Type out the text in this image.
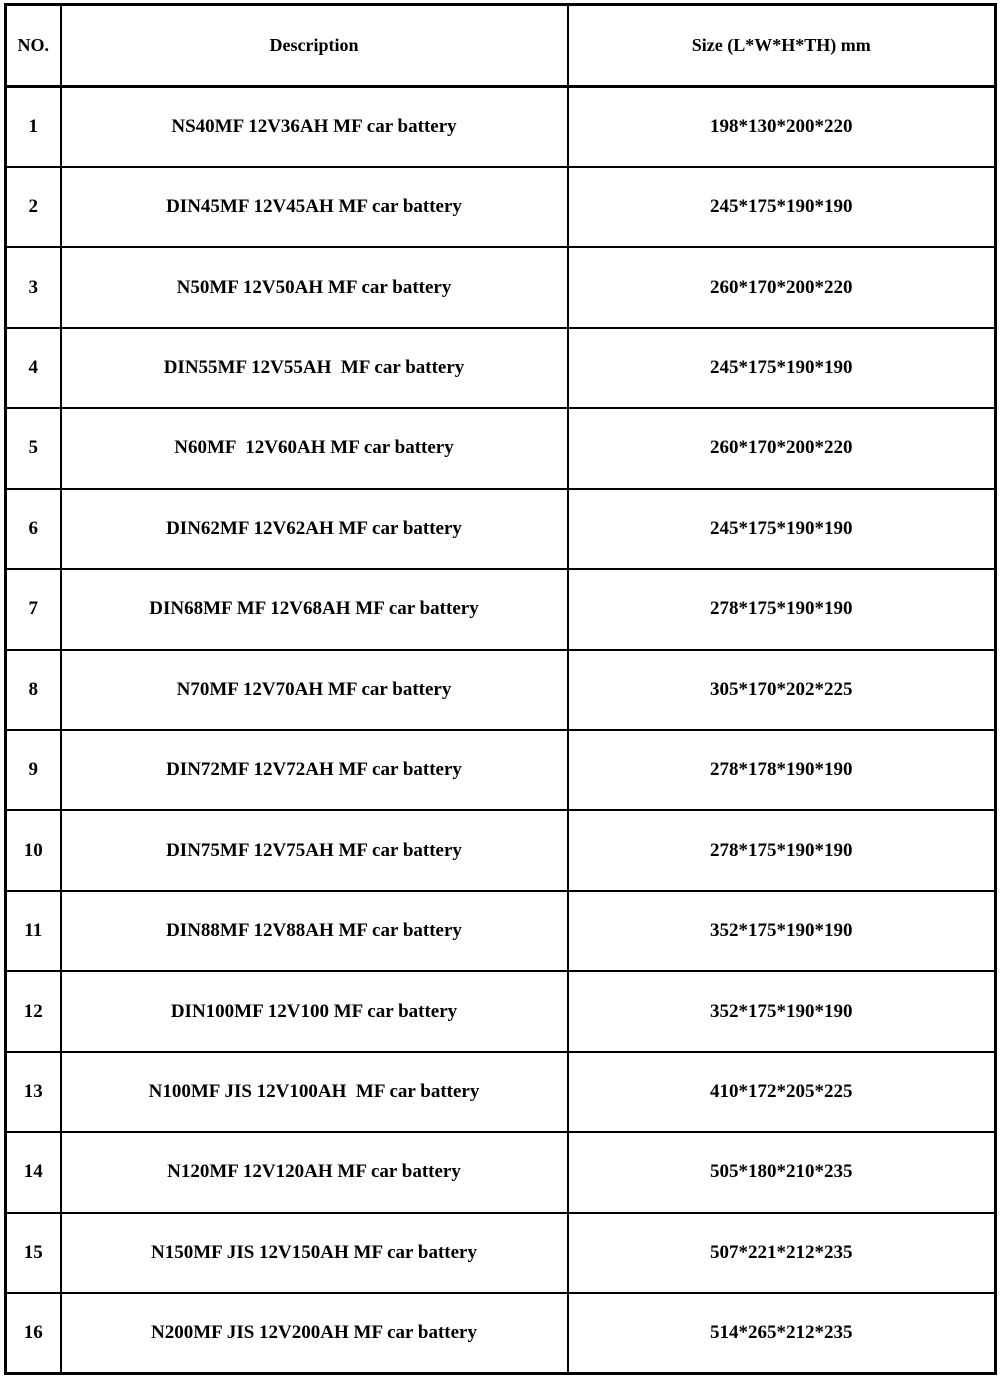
NO.	Description	Size (L*W*H*TH) mm
1	NS40MF 12V36AH MF car battery	198*130*200*220
2	DIN45MF 12V45AH MF car battery	245*175*190*190
3	N50MF 12V50AH MF car battery	260*170*200*220
4	DIN55MF 12V55AH  MF car battery	245*175*190*190
5	N60MF  12V60AH MF car battery	260*170*200*220
6	DIN62MF 12V62AH MF car battery	245*175*190*190
7	DIN68MF MF 12V68AH MF car battery	278*175*190*190
8	N70MF 12V70AH MF car battery	305*170*202*225
9	DIN72MF 12V72AH MF car battery	278*178*190*190
10	DIN75MF 12V75AH MF car battery	278*175*190*190
11	DIN88MF 12V88AH MF car battery	352*175*190*190
12	DIN100MF 12V100 MF car battery	352*175*190*190
13	N100MF JIS 12V100AH  MF car battery	410*172*205*225
14	N120MF 12V120AH MF car battery	505*180*210*235
15	N150MF JIS 12V150AH MF car battery	507*221*212*235
16	N200MF JIS 12V200AH MF car battery	514*265*212*235
